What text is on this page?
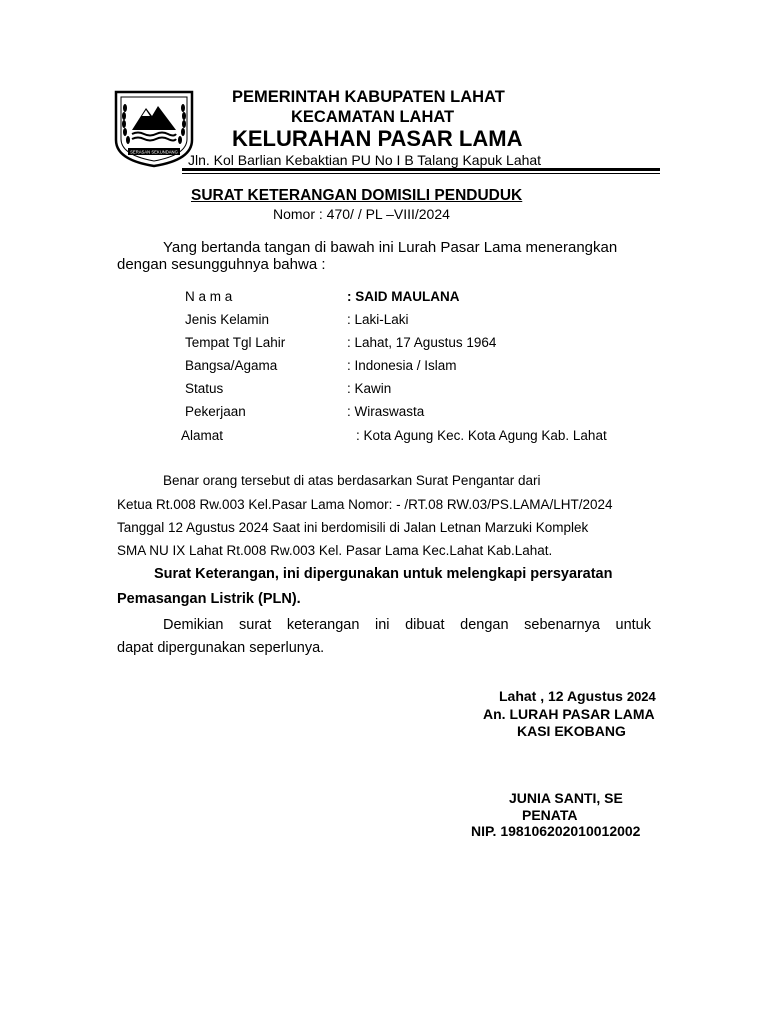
SERASAN SEKUNDANG
PEMERINTAH KABUPATEN LAHAT
KECAMATAN LAHAT
KELURAHAN PASAR LAMA
Jln. Kol Barlian Kebaktian PU No I B Talang Kapuk Lahat
SURAT KETERANGAN DOMISILI PENDUDUK
Nomor : 470/ / PL –VIII/2024
Yang bertanda tangan di bawah ini Lurah Pasar Lama menerangkan
dengan sesungguhnya bahwa :
N a m a	: SAID MAULANA
Jenis Kelamin	: Laki-Laki
Tempat Tgl Lahir	: Lahat, 17 Agustus 1964
Bangsa/Agama	: Indonesia / Islam
Status	: Kawin
Pekerjaan	: Wiraswasta
Alamat	: Kota Agung Kec. Kota Agung Kab. Lahat
Benar orang tersebut di atas berdasarkan Surat Pengantar dari
Ketua Rt.008 Rw.003 Kel.Pasar Lama Nomor: - /RT.08 RW.03/PS.LAMA/LHT/2024
Tanggal 12 Agustus 2024 Saat ini berdomisili di Jalan Letnan Marzuki Komplek
SMA NU IX Lahat Rt.008 Rw.003 Kel. Pasar Lama Kec.Lahat Kab.Lahat.
Surat Keterangan, ini dipergunakan untuk melengkapi persyaratan
Pemasangan Listrik (PLN).
Demikian surat keterangan ini dibuat dengan sebenarnya untuk
dapat dipergunakan seperlunya.
Lahat , 12 Agustus 2024
An. LURAH PASAR LAMA
KASI EKOBANG
JUNIA SANTI, SE
PENATA
NIP. 198106202010012002
